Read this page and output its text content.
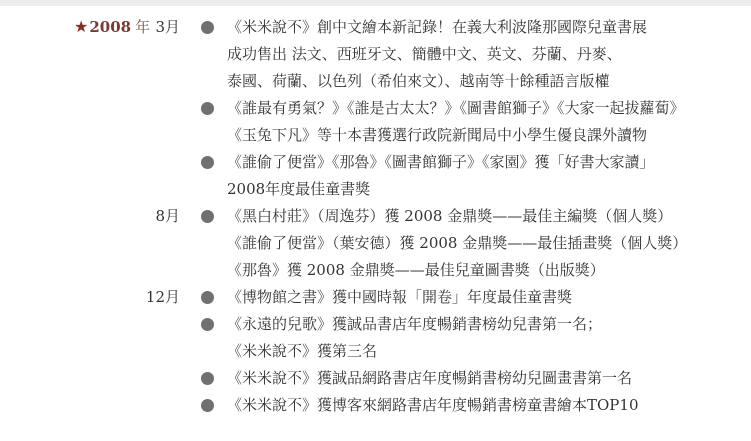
★2008 年 3月
8月
12月
《米米說不》創中文繪本新記錄！在義大利波隆那國際兒童書展
成功售出 法文、西班牙文、簡體中文、英文、芬蘭、丹麥、
泰國、荷蘭、以色列（希伯來文）、越南等十餘種語言版權
《誰最有勇氣？》《誰是古太太？》《圖書館獅子》《大家一起拔蘿蔔》
《玉兔下凡》等十本書獲選行政院新聞局中小學生優良課外讀物
《誰偷了便當》《那魯》《圖書館獅子》《家園》獲「好書大家讀」
2008年度最佳童書獎
《黑白村莊》（周逸芬）獲 2008 金鼎獎——最佳主編獎（個人獎）
《誰偷了便當》（葉安德）獲 2008 金鼎獎——最佳插畫獎（個人獎）
《那魯》獲 2008 金鼎獎——最佳兒童圖書獎（出版獎）
《博物館之書》獲中國時報「開卷」年度最佳童書獎
《永遠的兒歌》獲誠品書店年度暢銷書榜幼兒書第一名；
《米米說不》獲第三名
《米米說不》獲誠品網路書店年度暢銷書榜幼兒圖畫書第一名
《米米說不》獲博客來網路書店年度暢銷書榜童書繪本TOP10
